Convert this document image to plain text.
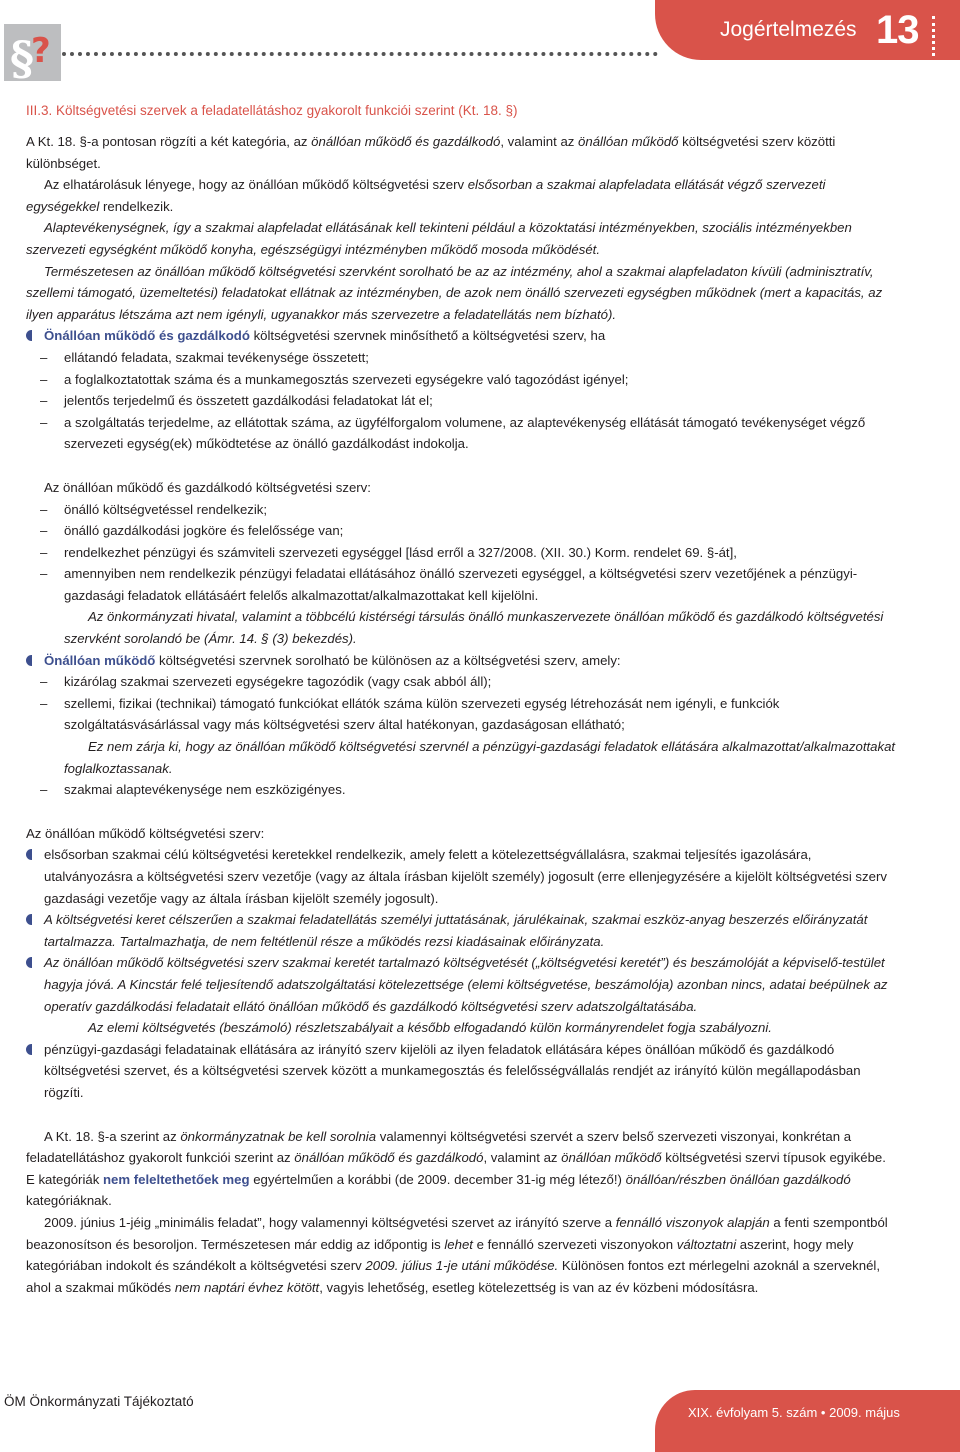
Jogértelmezés 13
§
?
III.3. Költségvetési szervek a feladatellátáshoz gyakorolt funkciói szerint (Kt. 18. §)

A Kt. 18. §-a pontosan rögzíti a két kategória, az önállóan működő és gazdálkodó, valamint az önállóan működő költségvetési szerv közötti különbséget.

Az elhatárolásuk lényege, hogy az önállóan működő költségvetési szerv elsősorban a szakmai alapfeladata ellátását végző szervezeti egységekkel rendelkezik.

Alaptevékenységnek, így a szakmai alapfeladat ellátásának kell tekinteni például a közoktatási intézményekben, szociális intézményekben szervezeti egységként működő konyha, egészségügyi intézményben működő mosoda működését.

Természetesen az önállóan működő költségvetési szervként sorolható be az az intézmény, ahol a szakmai alapfeladaton kívüli (adminisztratív, szellemi támogató, üzemeltetési) feladatokat ellátnak az intézményben, de azok nem önálló szervezeti egységben működnek (mert a kapacitás, az ilyen apparátus létszáma azt nem igényli, ugyanakkor más szervezetre a feladatellátás nem bízható).

Önállóan működő és gazdálkodó költségvetési szervnek minősíthető a költségvetési szerv, ha

– ellátandó feladata, szakmai tevékenysége összetett;

– a foglalkoztatottak száma és a munkamegosztás szervezeti egységekre való tagozódást igényel;

– jelentős terjedelmű és összetett gazdálkodási feladatokat lát el;

– a szolgáltatás terjedelme, az ellátottak száma, az ügyfélforgalom volumene, az alaptevékenység ellátását támogató tevékenységet végző szervezeti egység(ek) működtetése az önálló gazdálkodást indokolja.

Az önállóan működő és gazdálkodó költségvetési szerv:

– önálló költségvetéssel rendelkezik;

– önálló gazdálkodási jogköre és felelőssége van;

– rendelkezhet pénzügyi és számviteli szervezeti egységgel [lásd erről a 327/2008. (XII. 30.) Korm. rendelet 69. §-át],

– amennyiben nem rendelkezik pénzügyi feladatai ellátásához önálló szervezeti egységgel, a költségvetési szerv vezetőjének a pénzügyi-gazdasági feladatok ellátásáért felelős alkalmazottat/alkalmazottakat kell kijelölni.

Az önkormányzati hivatal, valamint a többcélú kistérségi társulás önálló munkaszervezete önállóan működő és gazdálkodó költségvetési szervként sorolandó be (Ámr. 14. § (3) bekezdés).

Önállóan működő költségvetési szervnek sorolható be különösen az a költségvetési szerv, amely:

– kizárólag szakmai szervezeti egységekre tagozódik (vagy csak abból áll);

– szellemi, fizikai (technikai) támogató funkciókat ellátók száma külön szervezeti egység létrehozását nem igényli, e funkciók szolgáltatásvásárlással vagy más költségvetési szerv által hatékonyan, gazdaságosan ellátható;

Ez nem zárja ki, hogy az önállóan működő költségvetési szervnél a pénzügyi-gazdasági feladatok ellátására alkalmazottat/alkalmazottakat foglalkoztassanak.

– szakmai alaptevékenysége nem eszközigényes.

Az önállóan működő költségvetési szerv:

elsősorban szakmai célú költségvetési keretekkel rendelkezik, amely felett a kötelezettségvállalásra, szakmai teljesítés igazolására, utalványozásra a költségvetési szerv vezetője (vagy az általa írásban kijelölt személy) jogosult (erre ellenjegyzésére a kijelölt költségvetési szerv gazdasági vezetője vagy az általa írásban kijelölt személy jogosult).

A költségvetési keret célszerűen a szakmai feladatellátás személyi juttatásának, járulékainak, szakmai eszköz-anyag beszerzés előirányzatát tartalmazza. Tartalmazhatja, de nem feltétlenül része a működés rezsi kiadásainak előirányzata.

Az önállóan működő költségvetési szerv szakmai keretét tartalmazó költségvetését („költségvetési keretét”) és beszámolóját a képviselő-testület hagyja jóvá. A Kincstár felé teljesítendő adatszolgáltatási kötelezettsége (elemi költségvetése, beszámolója) azonban nincs, adatai beépülnek az operatív gazdálkodási feladatait ellátó önállóan működő és gazdálkodó költségvetési szerv adatszolgáltatásába.

Az elemi költségvetés (beszámoló) részletszabályait a később elfogadandó külön kormányrendelet fogja szabályozni.

pénzügyi-gazdasági feladatainak ellátására az irányító szerv kijelöli az ilyen feladatok ellátására képes önállóan működő és gazdálkodó költségvetési szervet, és a költségvetési szervek között a munkamegosztás és felelősségvállalás rendjét az irányító külön megállapodásban rögzíti.

A Kt. 18. §-a szerint az önkormányzatnak be kell sorolnia valamennyi költségvetési szervét a szerv belső szervezeti viszonyai, konkrétan a feladatellátáshoz gyakorolt funkciói szerint az önállóan működő és gazdálkodó, valamint az önállóan működő költségvetési szervi típusok egyikébe. E kategóriák nem feleltethetőek meg egyértelműen a korábbi (de 2009. december 31-ig még létező!) önállóan/részben önállóan gazdálkodó kategóriáknak.

2009. június 1-jéig „minimális feladat”, hogy valamennyi költségvetési szervet az irányító szerve a fennálló viszonyok alapján a fenti szempontból beazonosítson és besoroljon. Természetesen már eddig az időpontig is lehet e fennálló szervezeti viszonyokon változtatni aszerint, hogy mely kategóriában indokolt és szándékolt a költségvetési szerv 2009. július 1-je utáni működése. Különösen fontos ezt mérlegelni azoknál a szerveknél, ahol a szakmai működés nem naptári évhez kötött, vagyis lehetőség, esetleg kötelezettség is van az év közbeni módosításra.

ÖM Önkormányzati Tájékoztató
XIX. évfolyam 5. szám • 2009. május
